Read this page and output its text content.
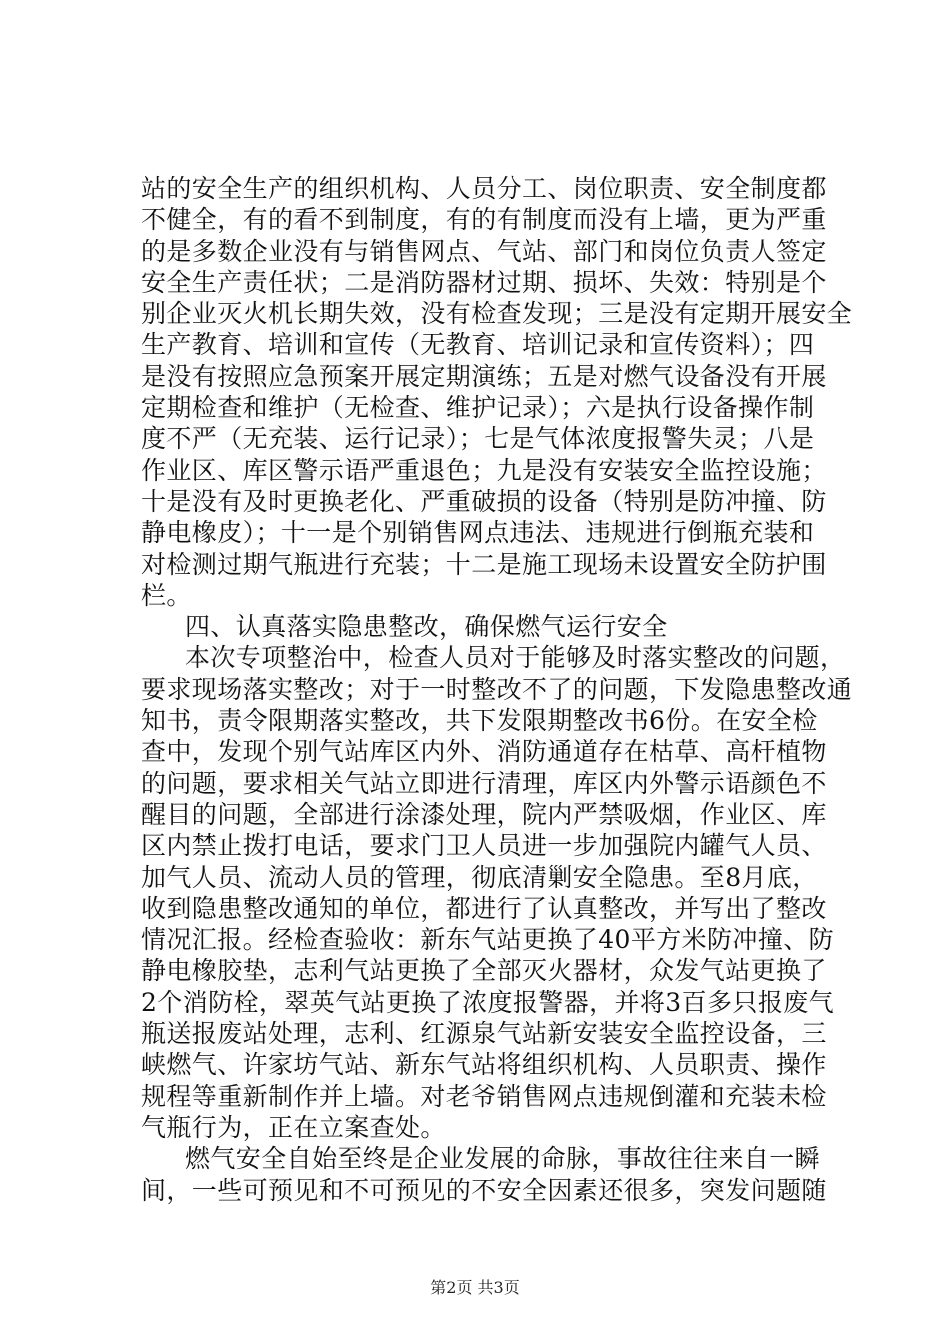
站的安全生产的组织机构、人员分工、岗位职责、安全制度都
不健全，有的看不到制度，有的有制度而没有上墙，更为严重
的是多数企业没有与销售网点、气站、部门和岗位负责人签定
安全生产责任状；二是消防器材过期、损坏、失效：特别是个
别企业灭火机长期失效，没有检查发现；三是没有定期开展安全
生产教育、培训和宣传（无教育、培训记录和宣传资料）；四
是没有按照应急预案开展定期演练；五是对燃气设备没有开展
定期检查和维护（无检查、维护记录）；六是执行设备操作制
度不严（无充装、运行记录）；七是气体浓度报警失灵；八是
作业区、库区警示语严重退色；九是没有安装安全监控设施；
十是没有及时更换老化、严重破损的设备（特别是防冲撞、防
静电橡皮）；十一是个别销售网点违法、违规进行倒瓶充装和
对检测过期气瓶进行充装；十二是施工现场未设置安全防护围
栏。
四、认真落实隐患整改，确保燃气运行安全
本次专项整治中，检查人员对于能够及时落实整改的问题，
要求现场落实整改；对于一时整改不了的问题，下发隐患整改通
知书，责令限期落实整改，共下发限期整改书6份。在安全检
查中，发现个别气站库区内外、消防通道存在枯草、高杆植物
的问题，要求相关气站立即进行清理，库区内外警示语颜色不
醒目的问题，全部进行涂漆处理，院内严禁吸烟，作业区、库
区内禁止拨打电话，要求门卫人员进一步加强院内罐气人员、
加气人员、流动人员的管理，彻底清剿安全隐患。至8月底，
收到隐患整改通知的单位，都进行了认真整改，并写出了整改
情况汇报。经检查验收：新东气站更换了40平方米防冲撞、防
静电橡胶垫，志利气站更换了全部灭火器材，众发气站更换了
2个消防栓，翠英气站更换了浓度报警器，并将3百多只报废气
瓶送报废站处理，志利、红源泉气站新安装安全监控设备，三
峡燃气、许家坊气站、新东气站将组织机构、人员职责、操作
规程等重新制作并上墙。对老爷销售网点违规倒灌和充装未检
气瓶行为，正在立案查处。
燃气安全自始至终是企业发展的命脉，事故往往来自一瞬
间，一些可预见和不可预见的不安全因素还很多，突发问题随
第2页 共3页
